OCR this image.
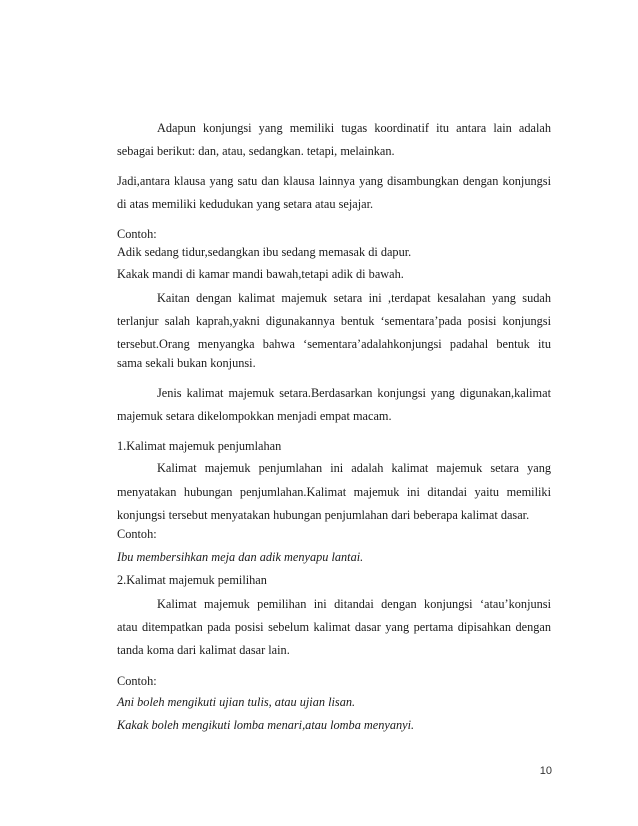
Adapun konjungsi yang memiliki tugas koordinatif itu antara lain adalah
sebagai berikut: dan, atau, sedangkan. tetapi, melainkan.
Jadi,antara klausa yang satu dan klausa lainnya yang disambungkan dengan konjungsi
di atas memiliki kedudukan yang setara atau sejajar.
Contoh:
Adik sedang tidur,sedangkan ibu sedang memasak di dapur.
Kakak mandi di kamar mandi bawah,tetapi adik di bawah.
Kaitan dengan kalimat majemuk setara ini ,terdapat kesalahan yang sudah
terlanjur salah kaprah,yakni digunakannya bentuk ‘sementara’pada posisi konjungsi
tersebut.Orang menyangka bahwa ‘sementara’adalahkonjungsi padahal bentuk itu
sama sekali bukan konjunsi.
Jenis kalimat majemuk setara.Berdasarkan konjungsi yang digunakan,kalimat
majemuk setara dikelompokkan menjadi empat macam.
1.Kalimat majemuk penjumlahan
Kalimat majemuk penjumlahan ini adalah kalimat majemuk setara yang
menyatakan hubungan penjumlahan.Kalimat majemuk ini ditandai yaitu memiliki
konjungsi tersebut menyatakan hubungan penjumlahan dari beberapa kalimat dasar.
Contoh:
Ibu membersihkan meja dan adik menyapu lantai.
2.Kalimat majemuk pemilihan
Kalimat majemuk pemilihan ini ditandai dengan konjungsi ‘atau’konjunsi
atau ditempatkan pada posisi sebelum kalimat dasar yang pertama dipisahkan dengan
tanda koma dari kalimat dasar lain.
Contoh:
Ani boleh mengikuti ujian tulis, atau ujian lisan.
Kakak boleh mengikuti lomba menari,atau lomba menyanyi.
10
